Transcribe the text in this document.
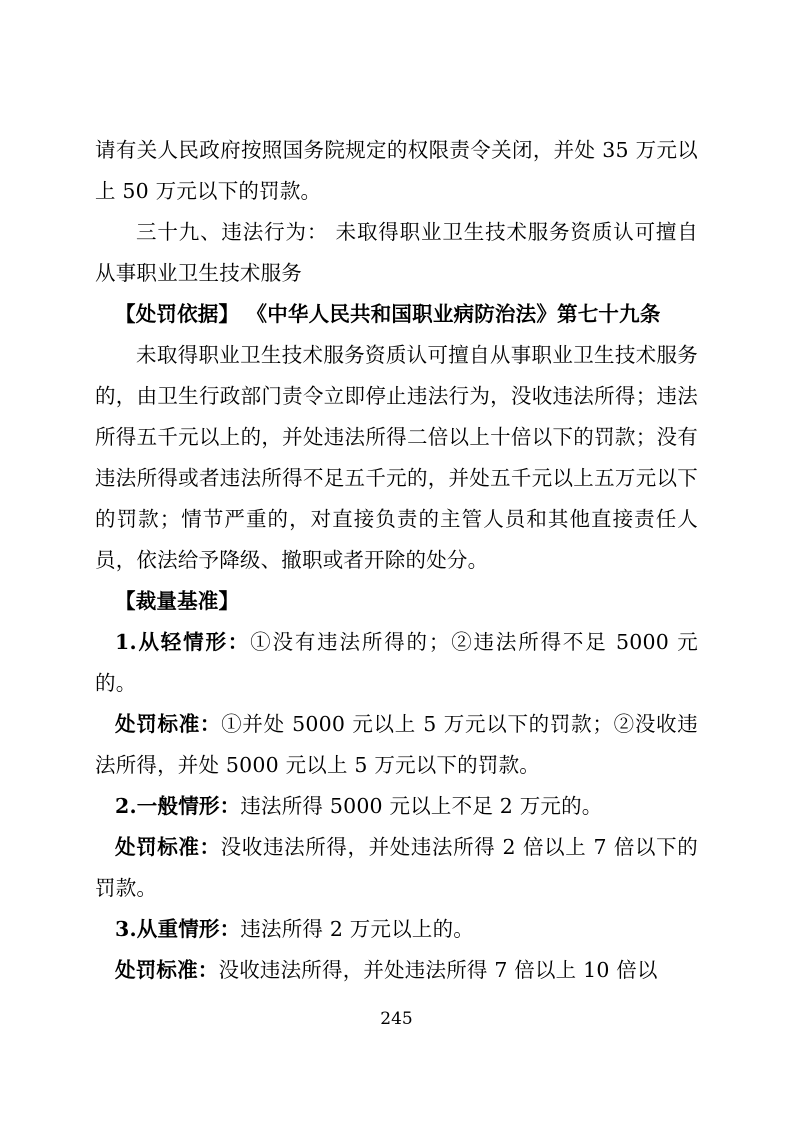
请有关人民政府按照国务院规定的权限责令关闭，并处 35 万元以上 50 万元以下的罚款。

三十九、违法行为： 未取得职业卫生技术服务资质认可擅自从事职业卫生技术服务

【处罚依据】 《中华人民共和国职业病防治法》第七十九条

未取得职业卫生技术服务资质认可擅自从事职业卫生技术服务的，由卫生行政部门责令立即停止违法行为，没收违法所得；违法所得五千元以上的，并处违法所得二倍以上十倍以下的罚款；没有违法所得或者违法所得不足五千元的，并处五千元以上五万元以下的罚款；情节严重的，对直接负责的主管人员和其他直接责任人员，依法给予降级、撤职或者开除的处分。

【裁量基准】

1.从轻情形：①没有违法所得的；②违法所得不足 5000 元的。

处罚标准：①并处 5000 元以上 5 万元以下的罚款；②没收违法所得，并处 5000 元以上 5 万元以下的罚款。

2.一般情形：违法所得 5000 元以上不足 2 万元的。

处罚标准：没收违法所得，并处违法所得 2 倍以上 7 倍以下的罚款。

3.从重情形：违法所得 2 万元以上的。

处罚标准：没收违法所得，并处违法所得 7 倍以上 10 倍以

245
